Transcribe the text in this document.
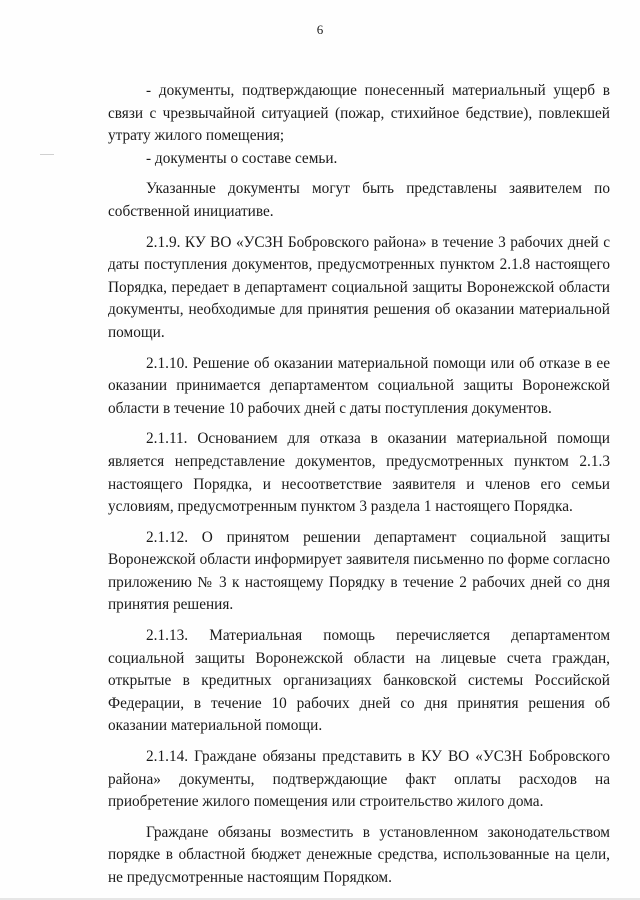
6

- документы, подтверждающие понесенный материальный ущерб в связи с чрезвычайной ситуацией (пожар, стихийное бедствие), повлекшей утрату жилого помещения;

- документы о составе семьи.

Указанные документы могут быть представлены заявителем по собственной инициативе.

2.1.9. КУ ВО «УСЗН Бобровского района» в течение 3 рабочих дней с даты поступления документов, предусмотренных пунктом 2.1.8 настоящего Порядка, передает в департамент социальной защиты Воронежской области документы, необходимые для принятия решения об оказании материальной помощи.

2.1.10. Решение об оказании материальной помощи или об отказе в ее оказании принимается департаментом социальной защиты Воронежской области в течение 10 рабочих дней с даты поступления документов.

2.1.11. Основанием для отказа в оказании материальной помощи является непредставление документов, предусмотренных пунктом 2.1.3 настоящего Порядка, и несоответствие заявителя и членов его семьи условиям, предусмотренным пунктом 3 раздела 1 настоящего Порядка.

2.1.12. О принятом решении департамент социальной защиты Воронежской области информирует заявителя письменно по форме согласно приложению № 3 к настоящему Порядку в течение 2 рабочих дней со дня принятия решения.

2.1.13. Материальная помощь перечисляется департаментом социальной защиты Воронежской области на лицевые счета граждан, открытые в кредитных организациях банковской системы Российской Федерации, в течение 10 рабочих дней со дня принятия решения об оказании материальной помощи.

2.1.14. Граждане обязаны представить в КУ ВО «УСЗН Бобровского района» документы, подтверждающие факт оплаты расходов на приобретение жилого помещения или строительство жилого дома.

Граждане обязаны возместить в установленном законодательством порядке в областной бюджет денежные средства, использованные на цели, не предусмотренные настоящим Порядком.
